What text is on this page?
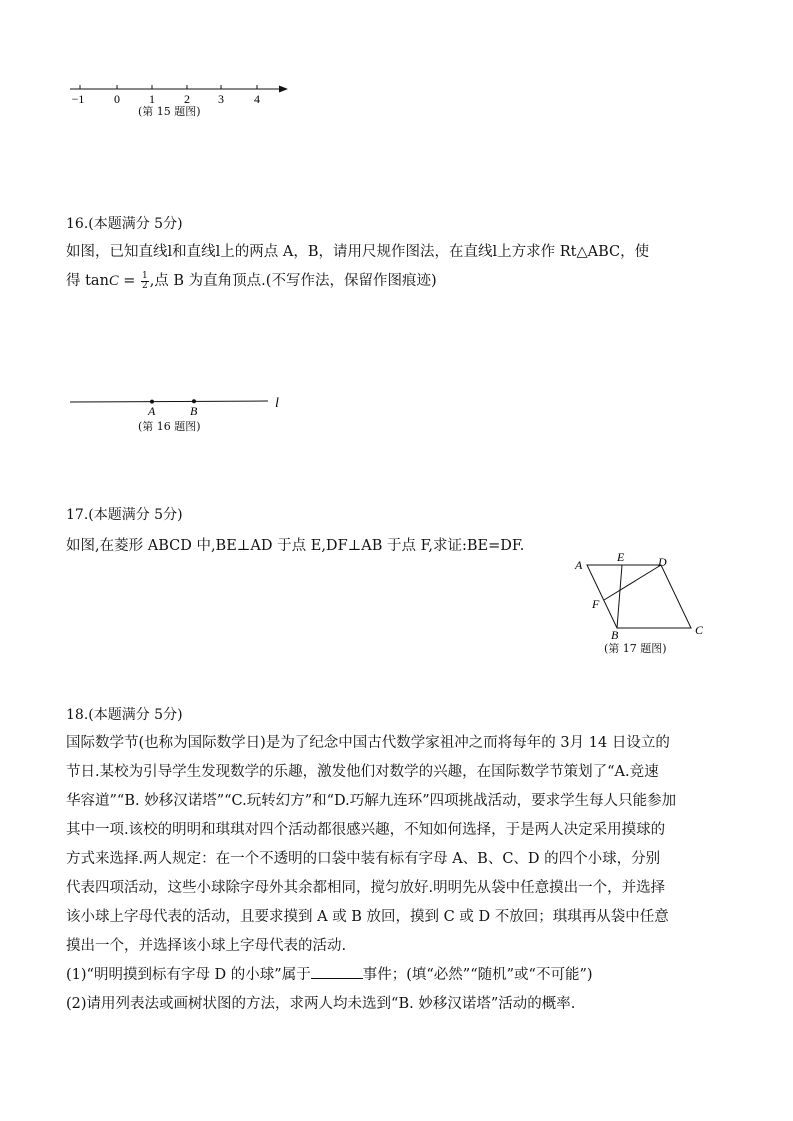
−1 0 1 2 3	4
(第 15 题图)
16.(本题满分 5分)

如图，已知直线l和直线l上的两点 A，B，请用尺规作图法，在直线l上方求作 Rt△ABC，使

得 $\tan C = \frac{1}{2}$ ,点 B 为直角顶点.(不写作法，保留作图痕迹)

A	B	l
(第 16 题图)
17.(本题满分 5分)
如图,在菱形 ABCD 中,BE⊥AD 于点 E,DF⊥AB 于点 F,求证:BE=DF.
A
E	D
F
B	C
(第 17 题图)
18.(本题满分 5分)

国际数学节(也称为国际数学日)是为了纪念中国古代数学家祖冲之而将每年的 3月 14 日设立的

节日.某校为引导学生发现数学的乐趣，激发他们对数学的兴趣，在国际数学节策划了“A.竞速

华容道”“B. 妙移汉诺塔”“C.玩转幻方”和“D.巧解九连环”四项挑战活动，要求学生每人只能参加

其中一项.该校的明明和琪琪对四个活动都很感兴趣，不知如何选择，于是两人决定采用摸球的

方式来选择.两人规定：在一个不透明的口袋中装有标有字母 A、B、C、D 的四个小球，分别

代表四项活动，这些小球除字母外其余都相同，搅匀放好.明明先从袋中任意摸出一个，并选择

该小球上字母代表的活动，且要求摸到 A 或 B 放回，摸到 C 或 D 不放回；琪琪再从袋中任意

摸出一个，并选择该小球上字母代表的活动.

(1)“明明摸到标有字母 D 的小球”属于	事件；(填“必然”“随机”或“不可能”)

(2)请用列表法或画树状图的方法，求两人均未选到“B. 妙移汉诺塔”活动的概率.
